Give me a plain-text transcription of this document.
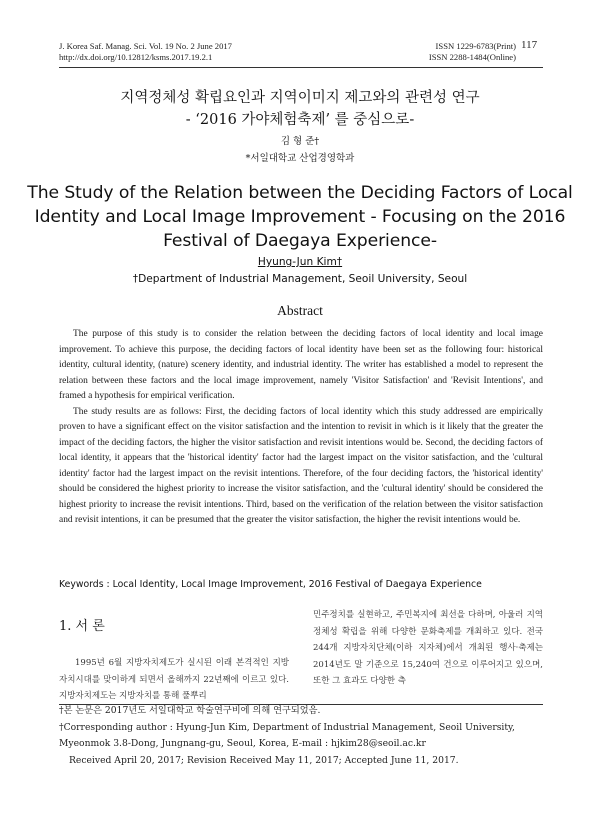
J. Korea Saf. Manag. Sci. Vol. 19 No. 2 June 2017
http://dx.doi.org/10.12812/ksms.2017.19.2.1
ISSN 1229-6783(Print)
ISSN 2288-1484(Online)
117
지역정체성 확립요인과 지역이미지 제고와의 관련성 연구
- ‘2016 가야체험축제’ 를 중심으로-
김 형 준†
*서일대학교 산업경영학과
The Study of the Relation between the Deciding Factors of Local
Identity and Local Image Improvement - Focusing on the 2016
Festival of Daegaya Experience-
Hyung-Jun Kim†
†Department of Industrial Management, Seoil University, Seoul
Abstract

The purpose of this study is to consider the relation between the deciding factors of local identity and local image improvement. To achieve this purpose, the deciding factors of local identity have been set as the following four: historical identity, cultural identity, (nature) scenery identity, and industrial identity. The writer has established a model to represent the relation between these factors and the local image improvement, namely 'Visitor Satisfaction' and 'Revisit Intentions', and framed a hypothesis for empirical verification.

The study results are as follows: First, the deciding factors of local identity which this study addressed are empirically proven to have a significant effect on the visitor satisfaction and the intention to revisit in which is it likely that the greater the impact of the deciding factors, the higher the visitor satisfaction and revisit intentions would be. Second, the deciding factors of local identity, it appears that the 'historical identity' factor had the largest impact on the visitor satisfaction, and the 'cultural identity' factor had the largest impact on the revisit intentions. Therefore, of the four deciding factors, the 'historical identity' should be considered the highest priority to increase the visitor satisfaction, and the 'cultural identity' should be considered the highest priority to increase the revisit intentions. Third, based on the verification of the relation between the visitor satisfaction and revisit intentions, it can be presumed that the greater the visitor satisfaction, the higher the revisit intentions would be.

Keywords : Local Identity, Local Image Improvement, 2016 Festival of Daegaya Experience
1. 서 론
1995년 6월 지방자치제도가 실시된 이래 본격적인 지방자치시대를 맞이하게 되면서 올해까지 22년째에 이르고 있다. 지방자치제도는 지방자치를 통해 풀뿌리
민주정치를 실현하고, 주민복지에 최선을 다하며, 아울러 지역정체성 확립을 위해 다양한 문화축제를 개최하고 있다. 전국 244개 지방자치단체(이하 지자체)에서 개최된 행사·축제는 2014년도 말 기준으로 15,240여 건으로 이루어지고 있으며, 또한 그 효과도 다양한 측
†본 논문은 2017년도 서일대학교 학술연구비에 의해 연구되었음.
†Corresponding author : Hyung-Jun Kim, Department of Industrial Management, Seoil University, Myeonmok 3.8-Dong, Jungnang-gu, Seoul, Korea, E-mail : hjkim28@seoil.ac.kr
Received April 20, 2017; Revision Received May 11, 2017; Accepted June 11, 2017.
